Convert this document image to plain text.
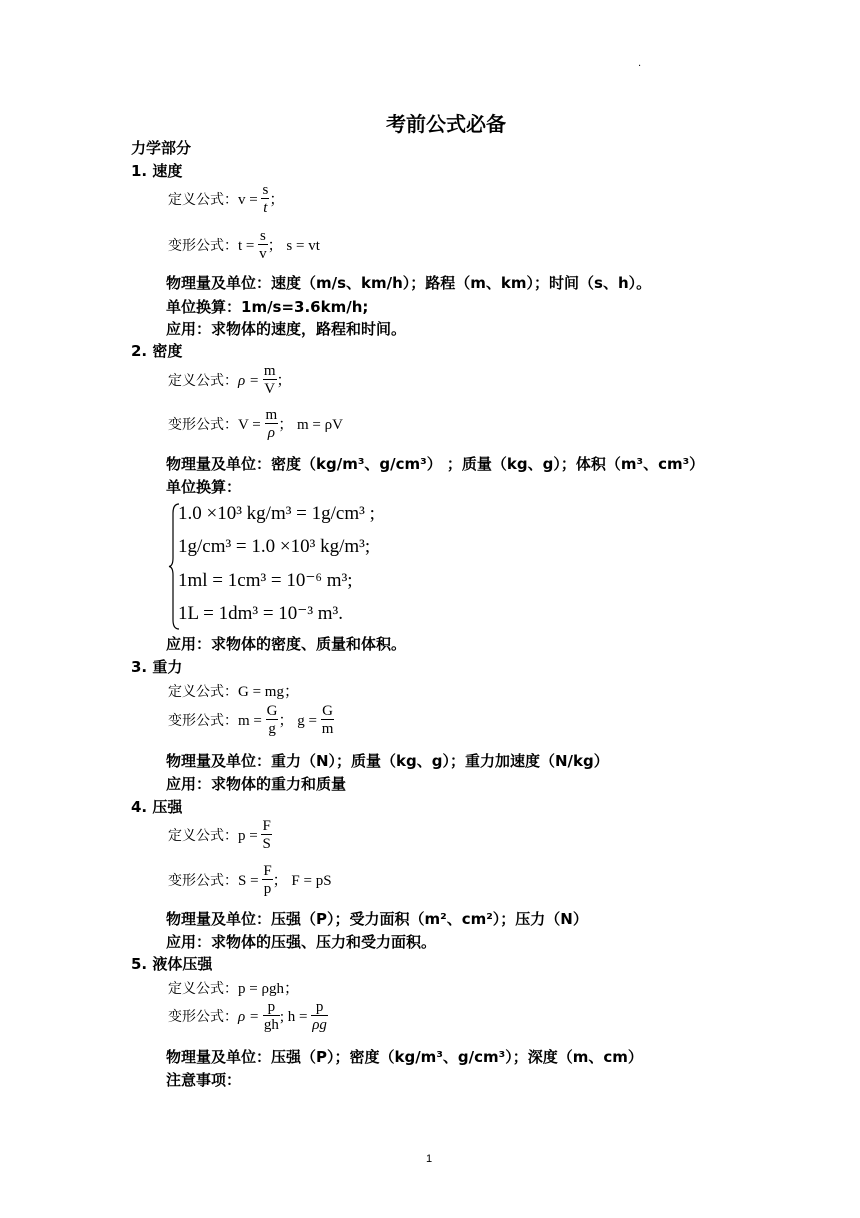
.
考前公式必备
力学部分
1. 速度
定义公式：$v = \frac{s}{t}$ ；
变形公式：$t = \frac{s}{v}$ ； s = vt
物理量及单位：速度（m/s、km/h）；路程（m、km）；时间（s、h）。
单位换算：1m/s=3.6km/h;
应用：求物体的速度，路程和时间。
2. 密度
定义公式：$\rho = \frac{m}{V}$ ；
变形公式：$V = \frac{m}{\rho}$ ； m = ρV
物理量及单位：密度（kg/m³、g/cm³） ；质量（kg、g）；体积（m³、cm³）
单位换算：
1.0 ×10³ kg/m³ = 1g/cm³ ;
1g/cm³ = 1.0 ×10³ kg/m³;
1ml = 1cm³ = 10⁻⁶ m³;
1L = 1dm³ = 10⁻³ m³.
应用：求物体的密度、质量和体积。
3. 重力
定义公式：G = mg；
变形公式：$m = \frac{G}{g}$ ； $g = \frac{G}{m}$
物理量及单位：重力（N）；质量（kg、g）；重力加速度（N/kg）
应用：求物体的重力和质量
4. 压强
定义公式：$p = \frac{F}{S}$
变形公式：$S = \frac{F}{p}$ ； F = pS
物理量及单位：压强（P）；受力面积（m²、cm²）；压力（N）
应用：求物体的压强、压力和受力面积。
5. 液体压强
定义公式：p = ρgh；
变形公式：$\rho = \frac{p}{gh}$ ; $h = \frac{p}{\rho g}$
物理量及单位：压强（P）；密度（kg/m³、g/cm³）；深度（m、cm）
注意事项：
1
